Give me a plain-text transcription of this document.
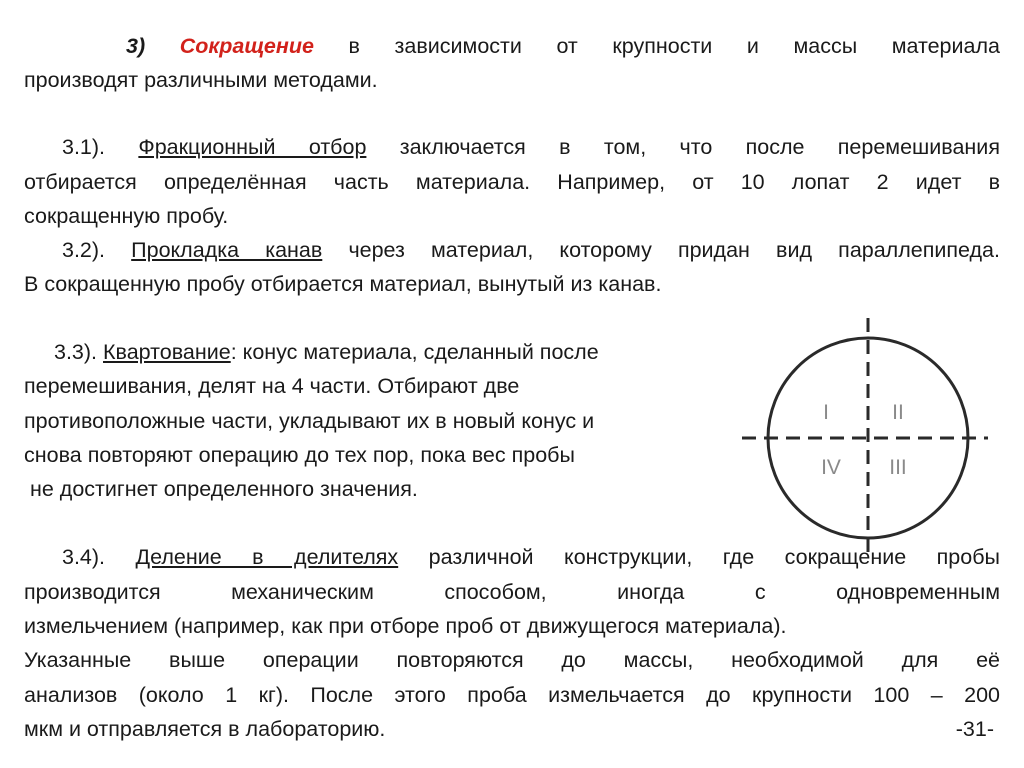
3) Сокращение в зависимости от крупности и массы материала
производят различными методами.
3.1). Фракционный отбор заключается в том, что после перемешивания
отбирается определённая часть материала. Например, от 10 лопат 2 идет в
сокращенную пробу.
3.2). Прокладка канав через материал, которому придан вид параллепипеда.
В сокращенную пробу отбирается материал, вынутый из канав.
3.3). Квартование: конус материала, сделанный после
перемешивания, делят на 4 части. Отбирают две
противоположные части, укладывают их в новый конус и
снова повторяют операцию до тех пор, пока вес пробы
не достигнет определенного значения.
I	II
III
IV
3.4). Деление в делителях различной конструкции, где сокращение пробы
производится механическим способом, иногда с одновременным
измельчением (например, как при отборе проб от движущегося материала).
Указанные выше операции повторяются до массы, необходимой для её
анализов (около 1 кг). После этого проба измельчается до крупности 100 – 200
мкм и отправляется в лабораторию.	-31-
